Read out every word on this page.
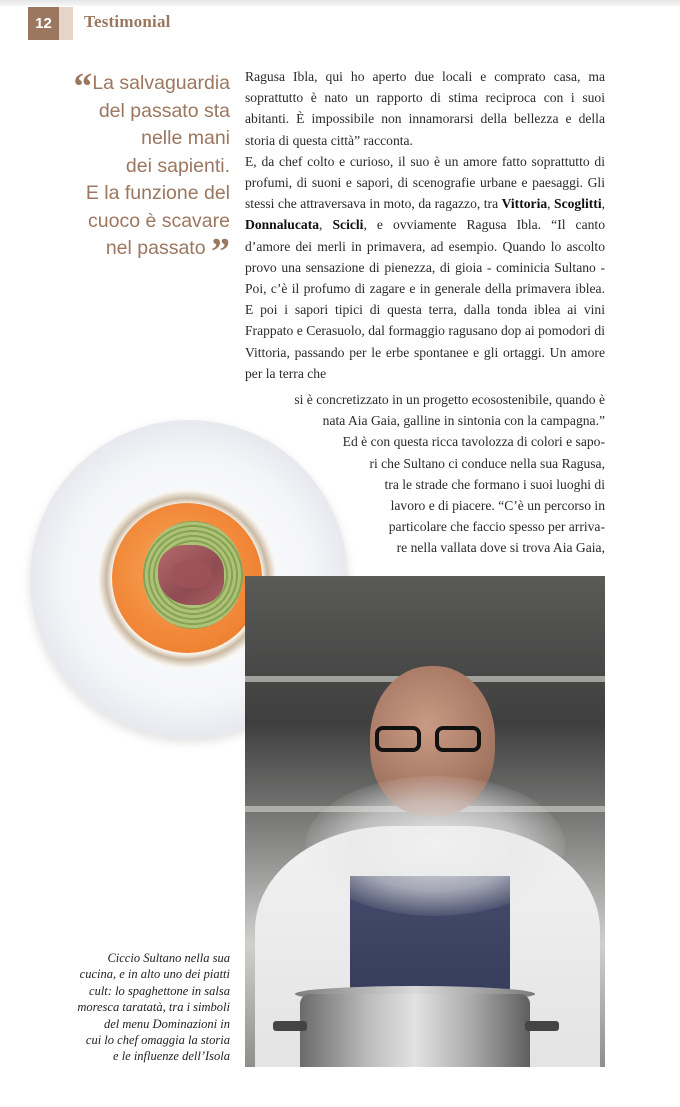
12	Testimonial
“La salvaguardia
del passato sta
nelle mani
dei sapienti.
E la funzione del
cuoco è scavare
nel passato ”

Ragusa Ibla, qui ho aperto due locali e comprato casa, ma soprattutto è nato un rapporto di stima reciproca con i suoi abitanti. È impossibile non innamorarsi della bellezza e della storia di questa città” racconta.

E, da chef colto e curioso, il suo è un amore fatto soprattutto di profumi, di suoni e sapori, di scenografie urbane e paesaggi. Gli stessi che attraversava in moto, da ragazzo, tra Vittoria, Scoglitti, Donnalucata, Scicli, e ovviamente Ragusa Ibla. “Il canto d’amore dei merli in primavera, ad esempio. Quando lo ascolto provo una sensazione di pienezza, di gioia - cominicia Sultano - Poi, c’è il profumo di zagare e in generale della primavera iblea. E poi i sapori tipici di questa terra, dalla tonda iblea ai vini Frappato e Cerasuolo, dal formaggio ragusano dop ai pomodori di Vittoria, passando per le erbe spontanee e gli ortaggi. Un amore per la terra che

si è concretizzato in un progetto ecosostenibile, quando è
nata Aia Gaia, galline in sintonia con la campagna.”
Ed è con questa ricca tavolozza di colori e sapo-
ri che Sultano ci conduce nella sua Ragusa,
tra le strade che formano i suoi luoghi di
lavoro e di piacere. “C’è un percorso in
particolare che faccio spesso per arriva-
re nella vallata dove si trova Aia Gaia,
Ciccio Sultano nella sua
cucina, e in alto uno dei piatti
cult: lo spaghettone in salsa
moresca taratatà, tra i simboli
del menu Dominazioni in
cui lo chef omaggia la storia
e le influenze dell’Isola
